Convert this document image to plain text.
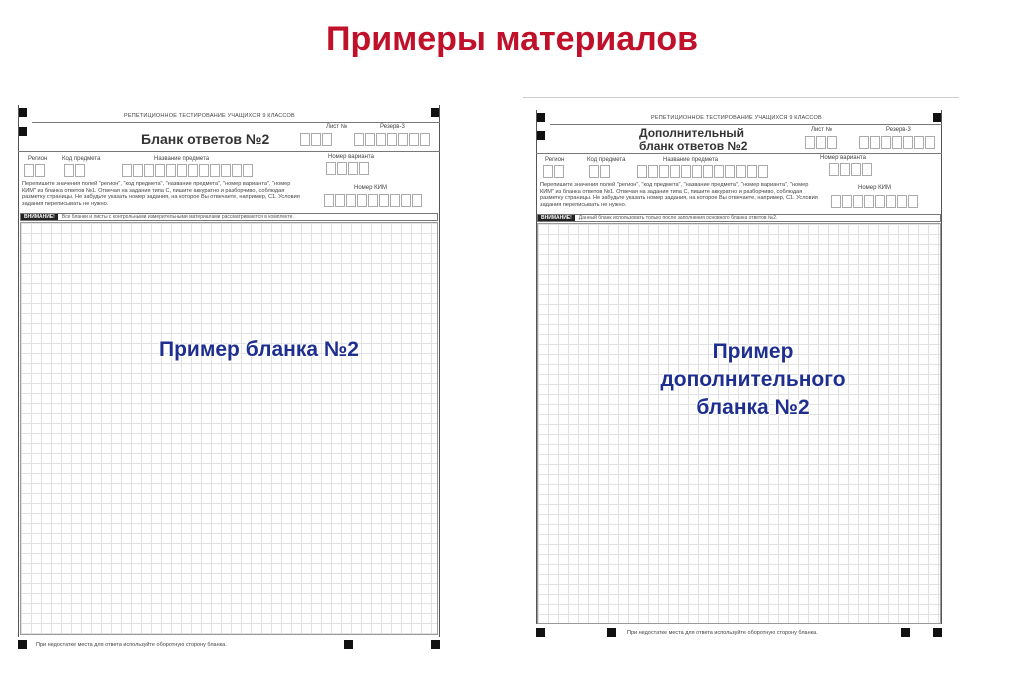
Примеры материалов
РЕПЕТИЦИОННОЕ ТЕСТИРОВАНИЕ УЧАЩИХСЯ 9 КЛАССОВ
Бланк ответов №2
Лист №	Резерв-3
Регион Код предмета	Название предмета	Номер варианта
Перепишите значения полей "регион", "код предмета", "название предмета", "номер варианта", "номер КИМ" из бланка ответов №1. Отвечая на задания типа С, пишите аккуратно и разборчиво, соблюдая разметку страницы. Не забудьте указать номер задания, на которое Вы отвечаете, например, С1. Условия задания переписывать не нужно.
Номер КИМ
ВНИМАНИЕ!	Все бланки и листы с контрольными измерительными материалами рассматриваются в комплекте.
При недостатке места для ответа используйте оборотную сторону бланка.
Пример бланка №2
РЕПЕТИЦИОННОЕ ТЕСТИРОВАНИЕ УЧАЩИХСЯ 9 КЛАССОВ
Дополнительный
бланк ответов №2
Лист №	Резерв-3
Регион	Код предмета	Название предмета	Номер варианта
Перепишите значения полей "регион", "код предмета", "название предмета", "номер варианта", "номер КИМ" из бланка ответов №1. Отвечая на задания типа С, пишите аккуратно и разборчиво, соблюдая разметку страницы. Не забудьте указать номер задания, на которое Вы отвечаете, например, С1. Условия задания переписывать не нужно.
Номер КИМ
ВНИМАНИЕ!	Данный бланк использовать только после заполнения основного бланка ответов №2.
При недостатке места для ответа используйте оборотную сторону бланка.
Пример
дополнительного
бланка №2
